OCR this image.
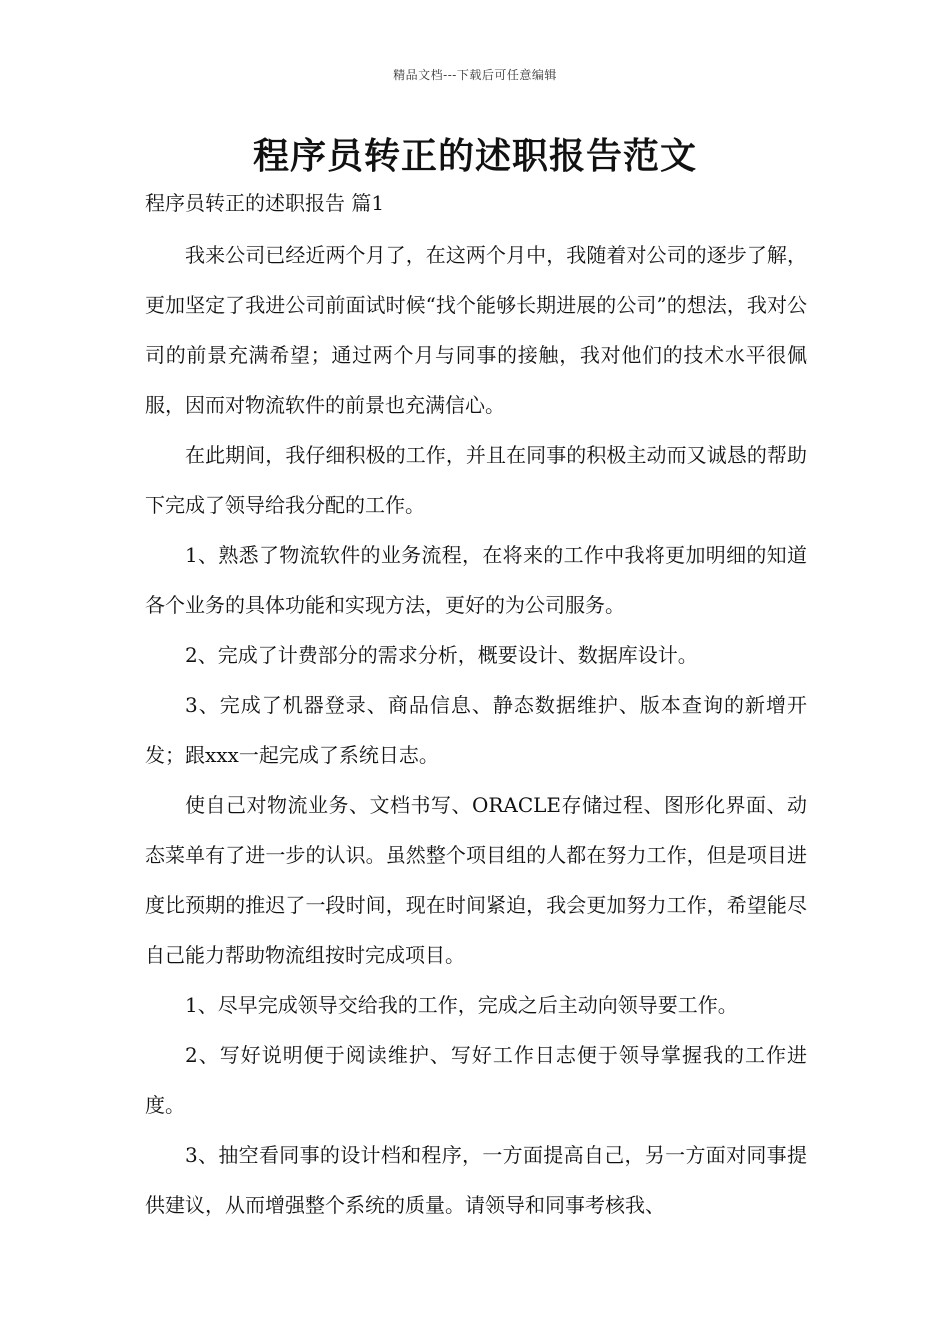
精品文档---下载后可任意编辑
程序员转正的述职报告范文
程序员转正的述职报告 篇1

我来公司已经近两个月了，在这两个月中，我随着对公司的逐步了解，更加坚定了我进公司前面试时候“找个能够长期进展的公司”的想法，我对公司的前景充满希望；通过两个月与同事的接触，我对他们的技术水平很佩服，因而对物流软件的前景也充满信心。

在此期间，我仔细积极的工作，并且在同事的积极主动而又诚恳的帮助下完成了领导给我分配的工作。

1、熟悉了物流软件的业务流程，在将来的工作中我将更加明细的知道各个业务的具体功能和实现方法，更好的为公司服务。

2、完成了计费部分的需求分析，概要设计、数据库设计。

3、完成了机器登录、商品信息、静态数据维护、版本查询的新增开发；跟xxx一起完成了系统日志。

使自己对物流业务、文档书写、ORACLE存储过程、图形化界面、动态菜单有了进一步的认识。虽然整个项目组的人都在努力工作，但是项目进度比预期的推迟了一段时间，现在时间紧迫，我会更加努力工作，希望能尽自己能力帮助物流组按时完成项目。

1、尽早完成领导交给我的工作，完成之后主动向领导要工作。

2、写好说明便于阅读维护、写好工作日志便于领导掌握我的工作进度。

3、抽空看同事的设计档和程序，一方面提高自己，另一方面对同事提供建议，从而增强整个系统的质量。请领导和同事考核我、
